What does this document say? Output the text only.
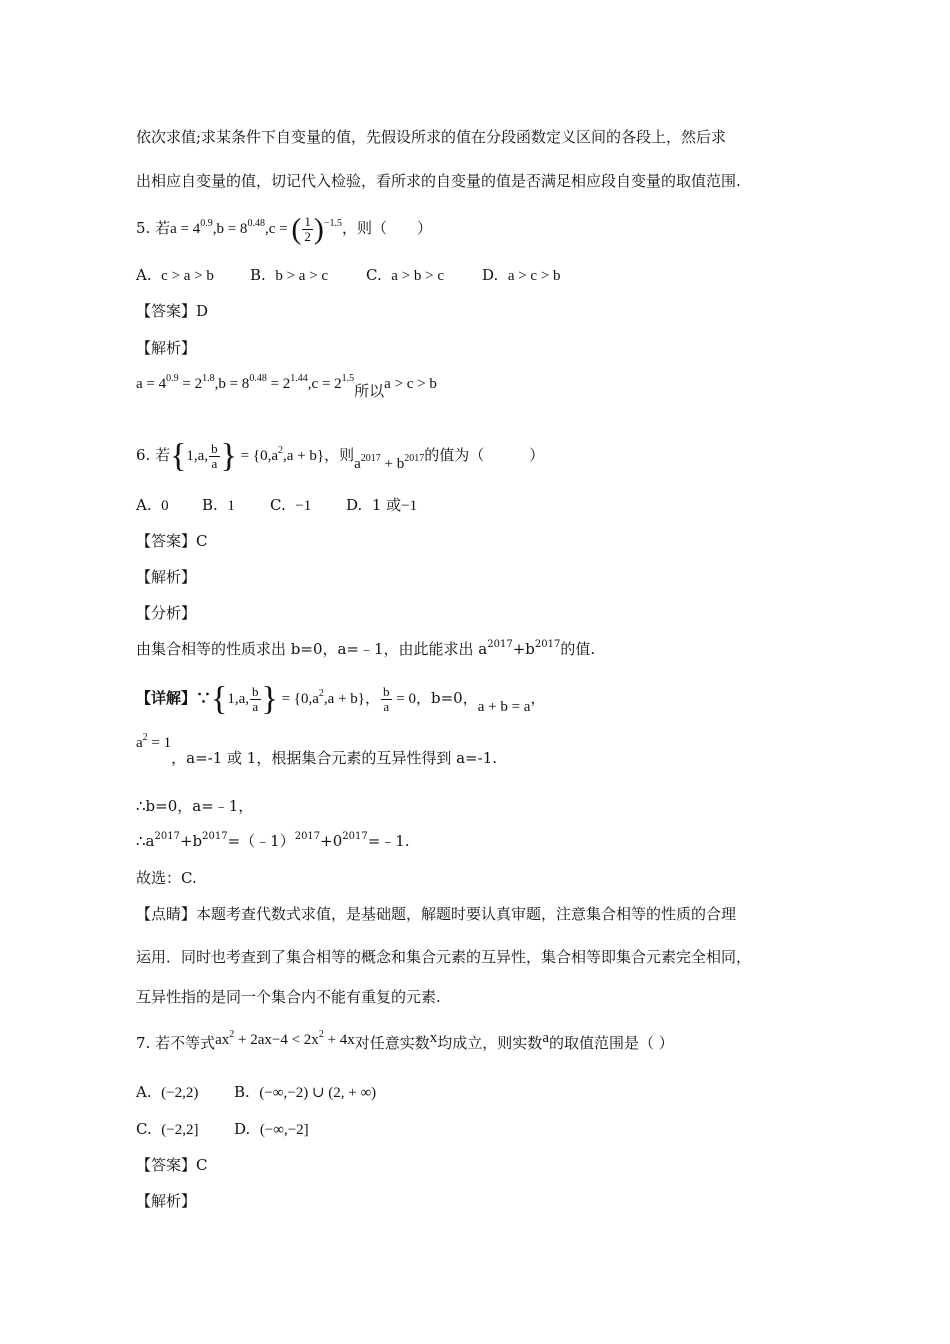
依次求值;求某条件下自变量的值，先假设所求的值在分段函数定义区间的各段上，然后求
出相应自变量的值，切记代入检验，看所求的自变量的值是否满足相应段自变量的取值范围.
5. 若$a = 4^{0.9},b = 8^{0.48},c$ = ( $\frac{1}{2} )^{-1.5}$，则（　　）
A. c > a > b B. b > a > c	C. a > b > c	D. a > c > b
【答案】D
【解析】
$a = 4^{0.9} = 2^{1.8},b = 8^{0.48} = 2^{1.44},c = 2^{1.5}$所以a > c > b
6. 若{1,a, $\frac{b}{a}$ } = $\{0,a^2,a + b\}$，则$a^{2017} + b^{2017}$的值为（　　　）
A. 0 B. 1 C. −1 D. 1 或−1
【答案】C
【解析】
【分析】
由集合相等的性质求出 b=0，a=﹣1，由此能求出 $a^{2017}+b^{2017}$的值.
【详解】∵{1,a, $\frac{b}{a}$ } = $\{0,a^2,a + b\}$， $\frac{b}{a} = 0$，b=0，a + b = a，
$a^2 = 1$，a=-1 或 1，根据集合元素的互异性得到 a=-1.
∴b=0，a=﹣1，
$\therefore a^{2017}+b^{2017}=(﹣1)^{2017}+0^{2017}=﹣1$.
故选：C.
【点睛】本题考查代数式求值，是基础题，解题时要认真审题，注意集合相等的性质的合理
运用．同时也考查到了集合相等的概念和集合元素的互异性，集合相等即集合元素完全相同，
互异性指的是同一个集合内不能有重复的元素.
7. 若不等式$ax^2 + 2ax-4 < 2x^2 + 4x$对任意实数x均成立，则实数a的取值范围是（ ）
A. (−2,2) B. (−∞,−2) ∪ (2, + ∞)
C. (−2,2] D. (−∞,−2]
【答案】C
【解析】
